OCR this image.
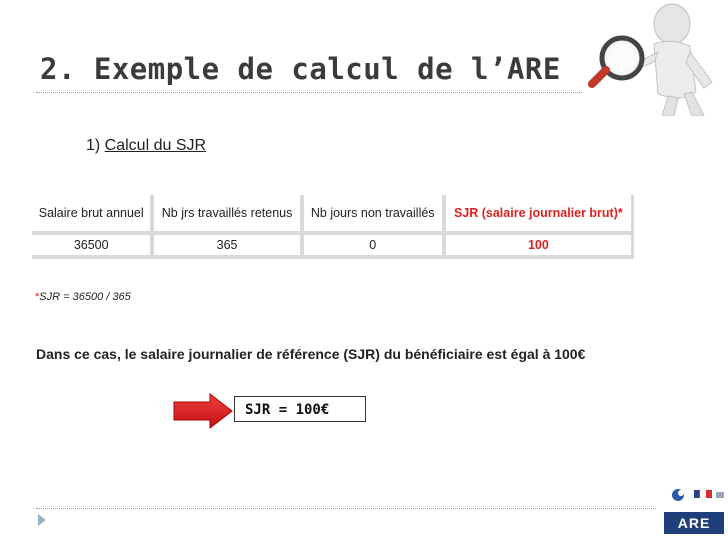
2. Exemple de calcul de l’ARE
1) Calcul du SJR
Salaire brut annuel	Nb jrs travaillés retenus	Nb jours non travaillés	SJR (salaire journalier brut)*
36500	365	0	100
*SJR = 36500 / 365
Dans ce cas, le salaire journalier de référence (SJR) du bénéficiaire est égal à 100€
SJR = 100€
ARE
